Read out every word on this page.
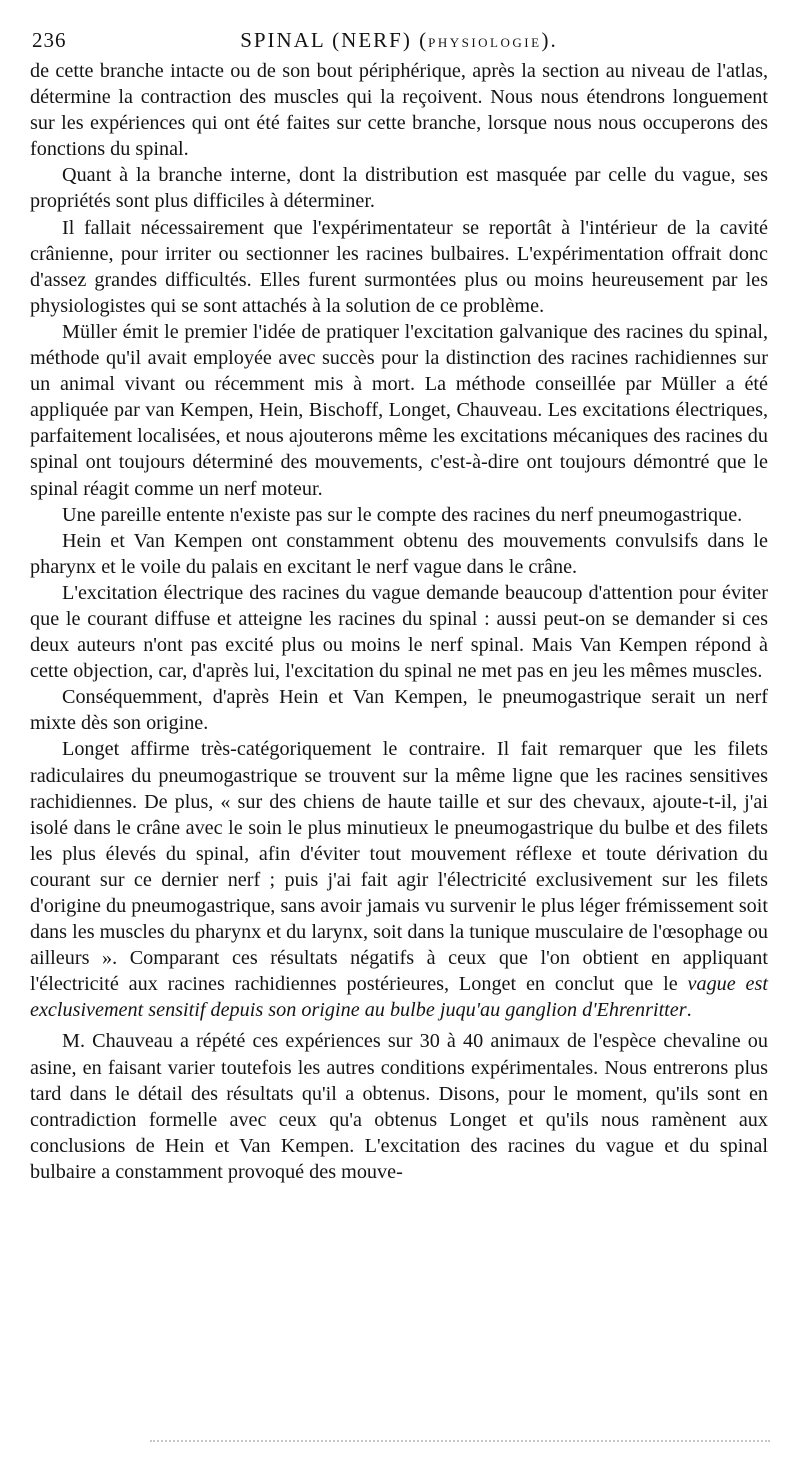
236	SPINAL (NERF) (PHYSIOLOGIE).

de cette branche intacte ou de son bout périphérique, après la section au niveau de l'atlas, détermine la contraction des muscles qui la reçoivent. Nous nous étendrons longuement sur les expériences qui ont été faites sur cette branche, lorsque nous nous occuperons des fonctions du spinal.

Quant à la branche interne, dont la distribution est masquée par celle du vague, ses propriétés sont plus difficiles à déterminer.

Il fallait nécessairement que l'expérimentateur se reportât à l'intérieur de la cavité crânienne, pour irriter ou sectionner les racines bulbaires. L'expérimentation offrait donc d'assez grandes difficultés. Elles furent surmontées plus ou moins heureusement par les physiologistes qui se sont attachés à la solution de ce problème.

Müller émit le premier l'idée de pratiquer l'excitation galvanique des racines du spinal, méthode qu'il avait employée avec succès pour la distinction des racines rachidiennes sur un animal vivant ou récemment mis à mort. La méthode conseillée par Müller a été appliquée par van Kempen, Hein, Bischoff, Longet, Chauveau. Les excitations électriques, parfaitement localisées, et nous ajouterons même les excitations mécaniques des racines du spinal ont toujours déterminé des mouvements, c'est-à-dire ont toujours démontré que le spinal réagit comme un nerf moteur.

Une pareille entente n'existe pas sur le compte des racines du nerf pneumogastrique.

Hein et Van Kempen ont constamment obtenu des mouvements convulsifs dans le pharynx et le voile du palais en excitant le nerf vague dans le crâne.

L'excitation électrique des racines du vague demande beaucoup d'attention pour éviter que le courant diffuse et atteigne les racines du spinal : aussi peut-on se demander si ces deux auteurs n'ont pas excité plus ou moins le nerf spinal. Mais Van Kempen répond à cette objection, car, d'après lui, l'excitation du spinal ne met pas en jeu les mêmes muscles.

Conséquemment, d'après Hein et Van Kempen, le pneumogastrique serait un nerf mixte dès son origine.

Longet affirme très-catégoriquement le contraire. Il fait remarquer que les filets radiculaires du pneumogastrique se trouvent sur la même ligne que les racines sensitives rachidiennes. De plus, « sur des chiens de haute taille et sur des chevaux, ajoute-t-il, j'ai isolé dans le crâne avec le soin le plus minutieux le pneumogastrique du bulbe et des filets les plus élevés du spinal, afin d'éviter tout mouvement réflexe et toute dérivation du courant sur ce dernier nerf ; puis j'ai fait agir l'électricité exclusivement sur les filets d'origine du pneumogastrique, sans avoir jamais vu survenir le plus léger frémissement soit dans les muscles du pharynx et du larynx, soit dans la tunique musculaire de l'œsophage ou ailleurs ». Comparant ces résultats négatifs à ceux que l'on obtient en appliquant l'électricité aux racines rachidiennes postérieures, Longet en conclut que le vague est exclusivement sensitif depuis son origine au bulbe juqu'au ganglion d'Ehrenritter.

M. Chauveau a répété ces expériences sur 30 à 40 animaux de l'espèce chevaline ou asine, en faisant varier toutefois les autres conditions expérimentales. Nous entrerons plus tard dans le détail des résultats qu'il a obtenus. Disons, pour le moment, qu'ils sont en contradiction formelle avec ceux qu'a obtenus Longet et qu'ils nous ramènent aux conclusions de Hein et Van Kempen. L'excitation des racines du vague et du spinal bulbaire a constamment provoqué des mouve-
